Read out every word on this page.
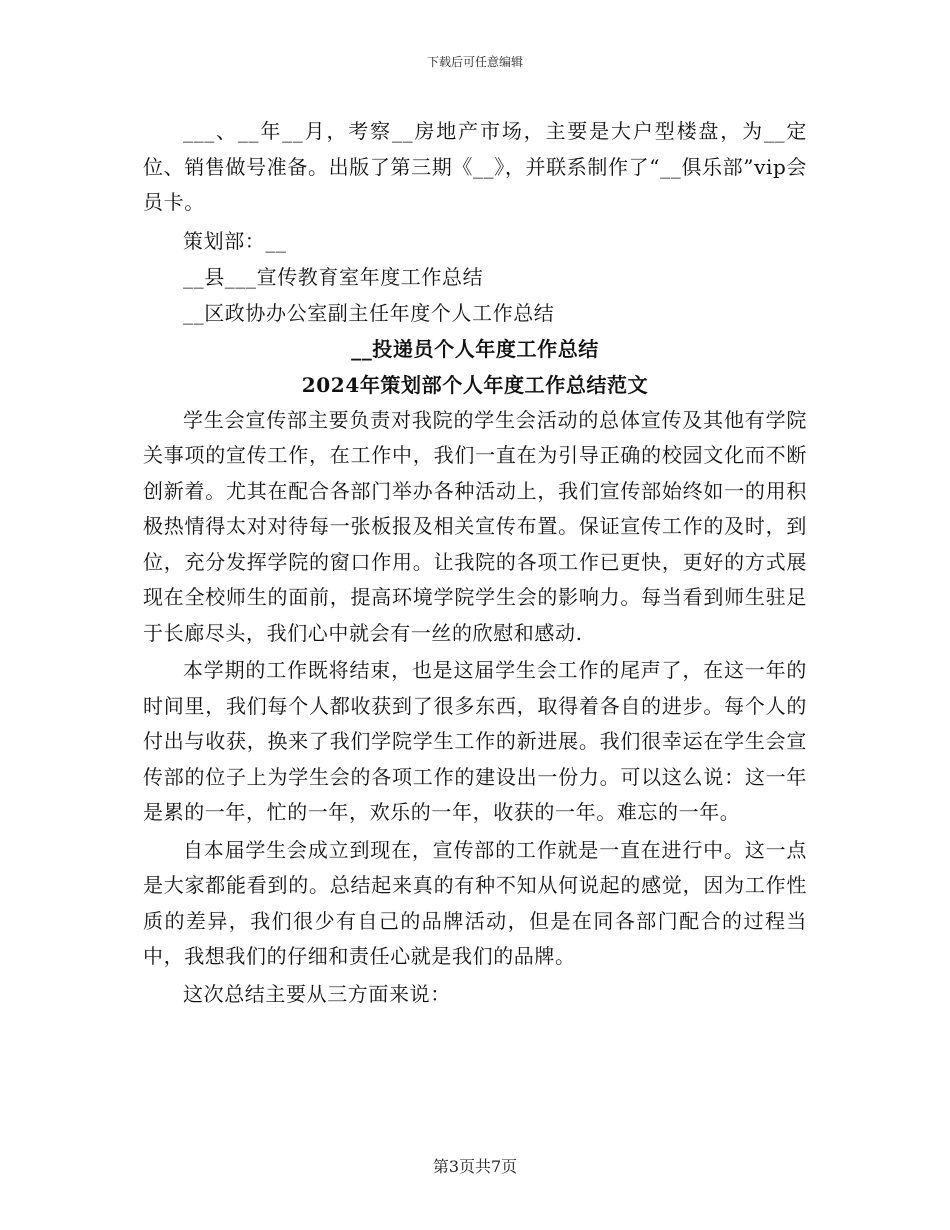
下载后可任意编辑

___、__年__月，考察__房地产市场，主要是大户型楼盘，为__定位、销售做号准备。出版了第三期《__》，并联系制作了“__俱乐部”vip会员卡。

策划部：__

__县___宣传教育室年度工作总结

__区政协办公室副主任年度个人工作总结

__投递员个人年度工作总结
2024年策划部个人年度工作总结范文

学生会宣传部主要负责对我院的学生会活动的总体宣传及其他有学院关事项的宣传工作，在工作中，我们一直在为引导正确的校园文化而不断创新着。尤其在配合各部门举办各种活动上，我们宣传部始终如一的用积极热情得太对对待每一张板报及相关宣传布置。保证宣传工作的及时，到位，充分发挥学院的窗口作用。让我院的各项工作已更快，更好的方式展现在全校师生的面前，提高环境学院学生会的影响力。每当看到师生驻足于长廊尽头，我们心中就会有一丝的欣慰和感动.

本学期的工作既将结束，也是这届学生会工作的尾声了，在这一年的时间里，我们每个人都收获到了很多东西，取得着各自的进步。每个人的付出与收获，换来了我们学院学生工作的新进展。我们很幸运在学生会宣传部的位子上为学生会的各项工作的建设出一份力。可以这么说：这一年是累的一年，忙的一年，欢乐的一年，收获的一年。难忘的一年。

自本届学生会成立到现在，宣传部的工作就是一直在进行中。这一点是大家都能看到的。总结起来真的有种不知从何说起的感觉，因为工作性质的差异，我们很少有自己的品牌活动，但是在同各部门配合的过程当中，我想我们的仔细和责任心就是我们的品牌。

这次总结主要从三方面来说：

第3页共7页
